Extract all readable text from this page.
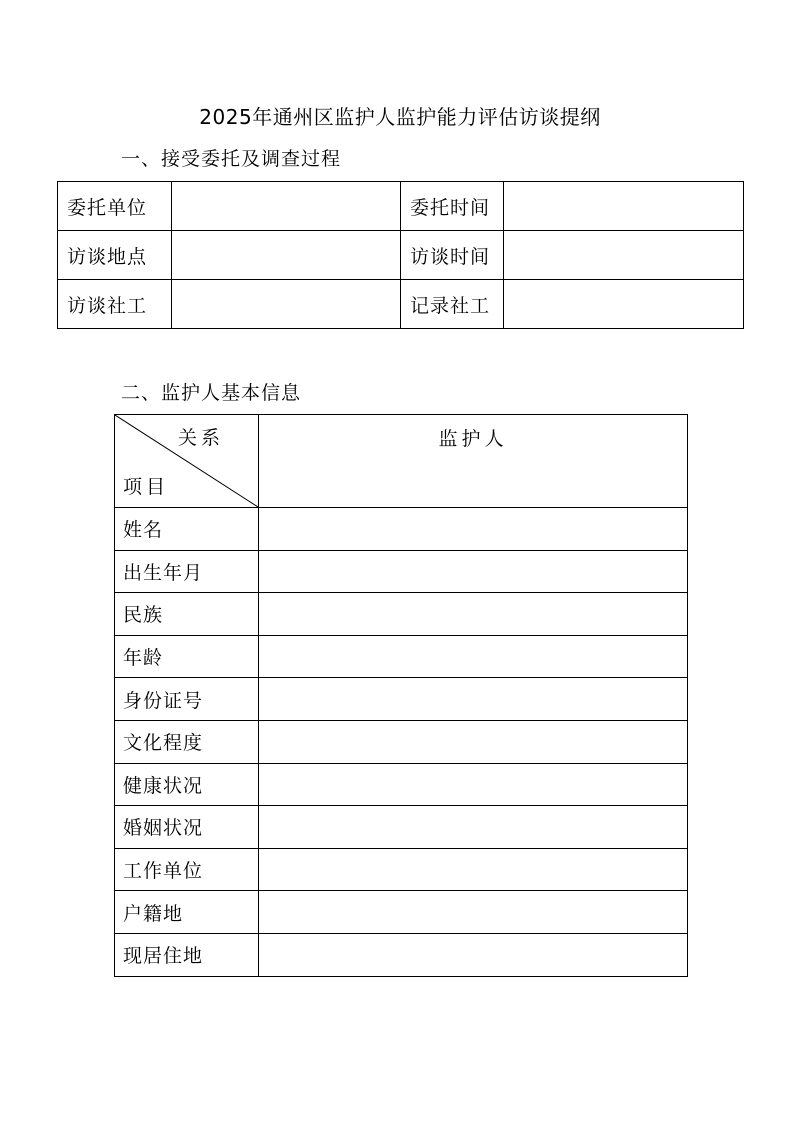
2025年通州区监护人监护能力评估访谈提纲
一、接受委托及调查过程
委托单位		委托时间	
访谈地点		访谈时间	
访谈社工		记录社工	
二、监护人基本信息
关系
项目	监护人
姓名	
出生年月	
民族	
年龄	
身份证号	
文化程度	
健康状况	
婚姻状况	
工作单位	
户籍地	
现居住地	
